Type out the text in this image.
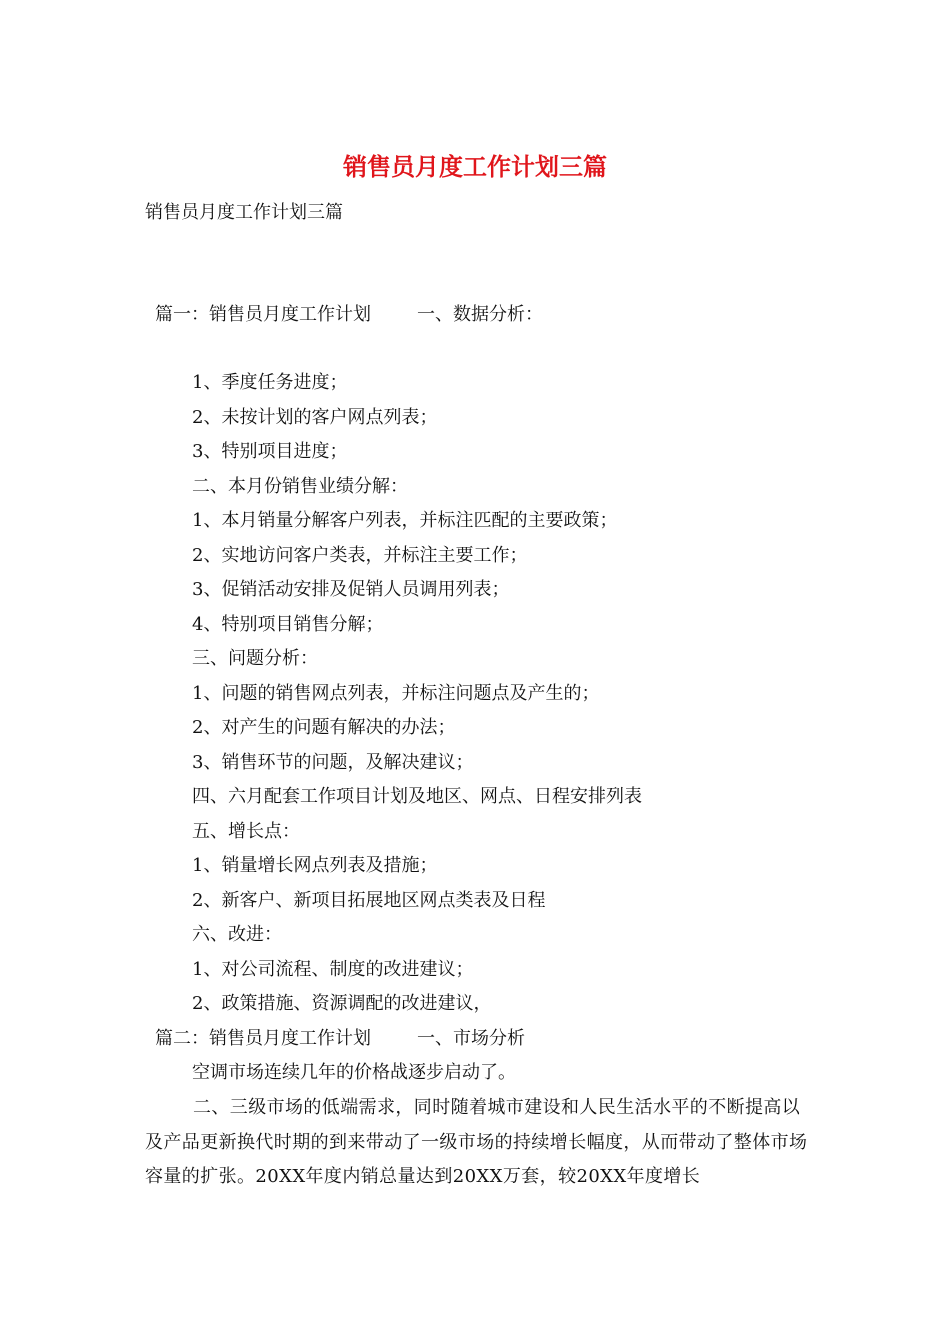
销售员月度工作计划三篇

销售员月度工作计划三篇

篇一：销售员月度工作计划	一、数据分析：

1、季度任务进度；

2、未按计划的客户网点列表；

3、特别项目进度；

二、本月份销售业绩分解：

1、本月销量分解客户列表，并标注匹配的主要政策；

2、实地访问客户类表，并标注主要工作；

3、促销活动安排及促销人员调用列表；

4、特别项目销售分解；

三、问题分析：

1、问题的销售网点列表，并标注问题点及产生的；

2、对产生的问题有解决的办法；

3、销售环节的问题，及解决建议；

四、六月配套工作项目计划及地区、网点、日程安排列表

五、增长点：

1、销量增长网点列表及措施；

2、新客户、新项目拓展地区网点类表及日程

六、改进：

1、对公司流程、制度的改进建议；

2、政策措施、资源调配的改进建议，

篇二：销售员月度工作计划	一、市场分析

空调市场连续几年的价格战逐步启动了。

二、三级市场的低端需求，同时随着城市建设和人民生活水平的不断提高以及产品更新换代时期的到来带动了一级市场的持续增长幅度，从而带动了整体市场容量的扩张。20XX年度内销总量达到20XX万套，较20XX年度增长
